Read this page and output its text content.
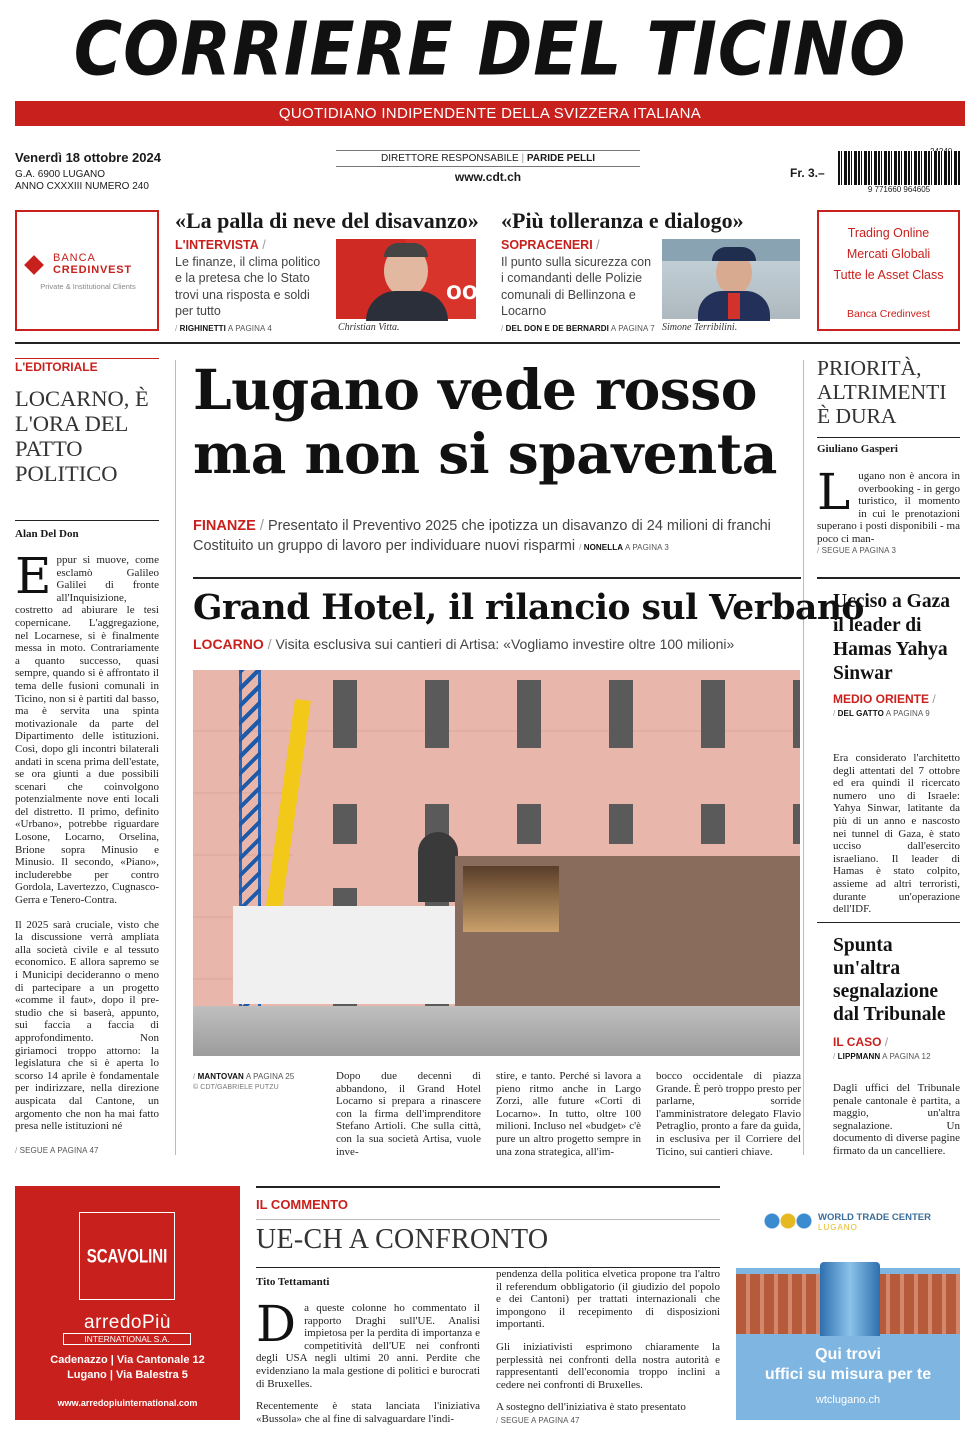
CORRIERE DEL TICINO
QUOTIDIANO INDIPENDENTE DELLA SVIZZERA ITALIANA
Venerdì 18 ottobre 2024
G.A. 6900 LUGANO
ANNO CXXXIII NUMERO 240
DIRETTORE RESPONSABILE | PARIDE PELLI
www.cdt.ch	Fr. 3.–
9 771660 964605
BANCA
CREDINVEST
Private & Institutional Clients
«La palla di neve del disavanzo»
L'INTERVISTA /
Le finanze, il clima politico e la pretesa che lo Stato trovi una risposta e soldi per tutto
/ RIGHINETTI A PAGINA 4
oo
Christian Vitta.
«Più tolleranza e dialogo»
SOPRACENERI /
Il punto sulla sicurezza con i comandanti delle Polizie comunali di Bellinzona e Locarno
/ DEL DON E DE BERNARDI A PAGINA 7 Simone Terribilini.
Trading Online
Mercati Globali
Tutte le Asset Class
Banca Credinvest
L'EDITORIALE
LOCARNO, È L'ORA DEL PATTO POLITICO
Alan Del Don
Eppur si muove, come esclamò Galileo Galilei di fronte all'Inquisizione, costretto ad abiurare le tesi copernicane. L'aggregazione, nel Locarnese, si è finalmente messa in moto. Contrariamente a quanto successo, quasi sempre, quando si è affrontato il tema delle fusioni comunali in Ticino, non si è partiti dal basso, ma è servita una spinta motivazionale da parte del Dipartimento delle istituzioni. Così, dopo gli incontri bilaterali andati in scena prima dell'estate, se ora giunti a due possibili scenari che coinvolgono potenzialmente nove enti locali del distretto. Il primo, definito «Urbano», potrebbe riguardare Losone, Locarno, Orselina, Brione sopra Minusio e Minusio. Il secondo, «Piano», includerebbe per contro Gordola, Lavertezzo, Cugnasco-Gerra e Tenero-Contra.

Il 2025 sarà cruciale, visto che la discussione verrà ampliata alla società civile e al tessuto economico. E allora sapremo se i Municipi decideranno o meno di partecipare a un progetto «comme il faut», dopo il pre-studio che si baserà, appunto, sui faccia a faccia di approfondimento. Non giriamoci troppo attorno: la legislatura che si è aperta lo scorso 14 aprile è fondamentale per indirizzare, nella direzione auspicata dal Cantone, un argomento che non ha mai fatto presa nelle istituzioni né

/ SEGUE A PAGINA 47
Lugano vede rosso ma non si spaventa
FINANZE / Presentato il Preventivo 2025 che ipotizza un disavanzo di 24 milioni di franchi
Costituito un gruppo di lavoro per individuare nuovi risparmi / NONELLA A PAGINA 3
PRIORITÀ, ALTRIMENTI È DURA
Giuliano Gasperi
Lugano non è ancora in overbooking - in gergo turistico, il momento in cui le prenotazioni superano i posti disponibili - ma poco ci man-
/ SEGUE A PAGINA 3
Grand Hotel, il rilancio sul Verbano
LOCARNO / Visita esclusiva sui cantieri di Artisa: «Vogliamo investire oltre 100 milioni»
/ MANTOVAN A PAGINA 25
© CDT/GABRIELE PUTZU
Dopo due decenni di abbandono, il Grand Hotel Locarno si prepara a rinascere con la firma dell'imprenditore Stefano Artioli. Che sulla città, con la sua società Artisa, vuole inve-
stire, e tanto. Perché si lavora a pieno ritmo anche in Largo Zorzi, alle future «Corti di Locarno». In tutto, oltre 100 milioni. Incluso nel «budget» c'è pure un altro progetto sempre in una zona strategica, all'im-
bocco occidentale di piazza Grande. È però troppo presto per parlarne, sorride l'amministratore delegato Flavio Petraglio, pronto a fare da guida, in esclusiva per il Corriere del Ticino, sui cantieri chiave.
Ucciso a Gaza il leader di Hamas Yahya Sinwar
MEDIO ORIENTE /
/ DEL GATTO A PAGINA 9
Era considerato l'architetto degli attentati del 7 ottobre ed era quindi il ricercato numero uno di Israele: Yahya Sinwar, latitante da più di un anno e nascosto nei tunnel di Gaza, è stato ucciso dall'esercito israeliano. Il leader di Hamas è stato colpito, assieme ad altri terroristi, durante un'operazione dell'IDF.
Spunta un'altra segnalazione dal Tribunale
IL CASO /
/ LIPPMANN A PAGINA 12
Dagli uffici del Tribunale penale cantonale è partita, a maggio, un'altra segnalazione. Un documento di diverse pagine firmato da un cancelliere.
SCAVOLINI
arredoPiù
INTERNATIONAL S.A.
Cadenazzo | Via Cantonale 12
Lugano | Via Balestra 5
www.arredopiuinternational.com
IL COMMENTO
UE-CH A CONFRONTO
Tito Tettamanti
Da queste colonne ho commentato il rapporto Draghi sull'UE. Analisi impietosa per la perdita di importanza e competitività dell'UE nei confronti degli USA negli ultimi 20 anni. Perdite che evidenziano la mala gestione di politici e burocrati di Bruxelles.

Recentemente è stata lanciata l'iniziativa «Bussola» che al fine di salvaguardare l'indi-

pendenza della politica elvetica propone tra l'altro il referendum obbligatorio (il giudizio del popolo e dei Cantoni) per trattati internazionali che impongono il recepimento di disposizioni importanti.

Gli iniziativisti esprimono chiaramente la perplessità nei confronti della nostra autorità e rappresentanti dell'economia troppo inclini a cedere nei confronti di Bruxelles.

A sostegno dell'iniziativa è stato presentato

/ SEGUE A PAGINA 47
WORLD TRADE CENTER
LUGANO
Qui trovi
uffici su misura per te
wtclugano.ch
